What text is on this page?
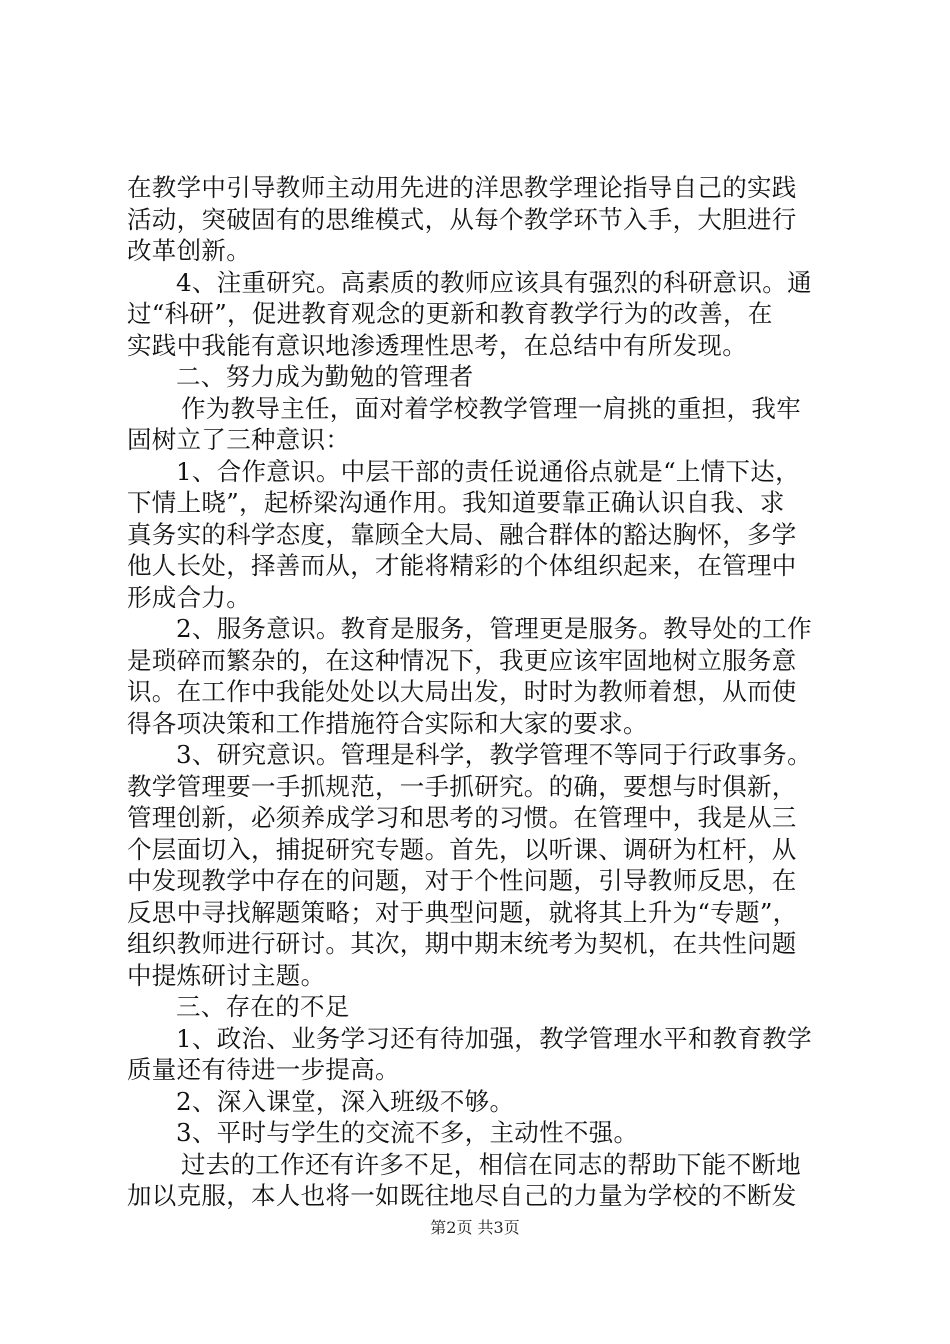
在教学中引导教师主动用先进的洋思教学理论指导自己的实践
活动，突破固有的思维模式，从每个教学环节入手，大胆进行
改革创新。
4、注重研究。高素质的教师应该具有强烈的科研意识。通
过“科研”，促进教育观念的更新和教育教学行为的改善，在
实践中我能有意识地渗透理性思考，在总结中有所发现。
二、努力成为勤勉的管理者
作为教导主任，面对着学校教学管理一肩挑的重担，我牢
固树立了三种意识：
1、合作意识。中层干部的责任说通俗点就是“上情下达，
下情上晓”，起桥梁沟通作用。我知道要靠正确认识自我、求
真务实的科学态度，靠顾全大局、融合群体的豁达胸怀，多学
他人长处，择善而从，才能将精彩的个体组织起来，在管理中
形成合力。
2、服务意识。教育是服务，管理更是服务。教导处的工作
是琐碎而繁杂的，在这种情况下，我更应该牢固地树立服务意
识。在工作中我能处处以大局出发，时时为教师着想，从而使
得各项决策和工作措施符合实际和大家的要求。
3、研究意识。管理是科学，教学管理不等同于行政事务。
教学管理要一手抓规范，一手抓研究。的确，要想与时俱新，
管理创新，必须养成学习和思考的习惯。在管理中，我是从三
个层面切入，捕捉研究专题。首先，以听课、调研为杠杆，从
中发现教学中存在的问题，对于个性问题，引导教师反思，在
反思中寻找解题策略；对于典型问题，就将其上升为“专题”，
组织教师进行研讨。其次，期中期末统考为契机，在共性问题
中提炼研讨主题。
三、存在的不足
1、政治、业务学习还有待加强，教学管理水平和教育教学
质量还有待进一步提高。
2、深入课堂，深入班级不够。
3、平时与学生的交流不多，主动性不强。
过去的工作还有许多不足，相信在同志的帮助下能不断地
加以克服，本人也将一如既往地尽自己的力量为学校的不断发
第2页 共3页
